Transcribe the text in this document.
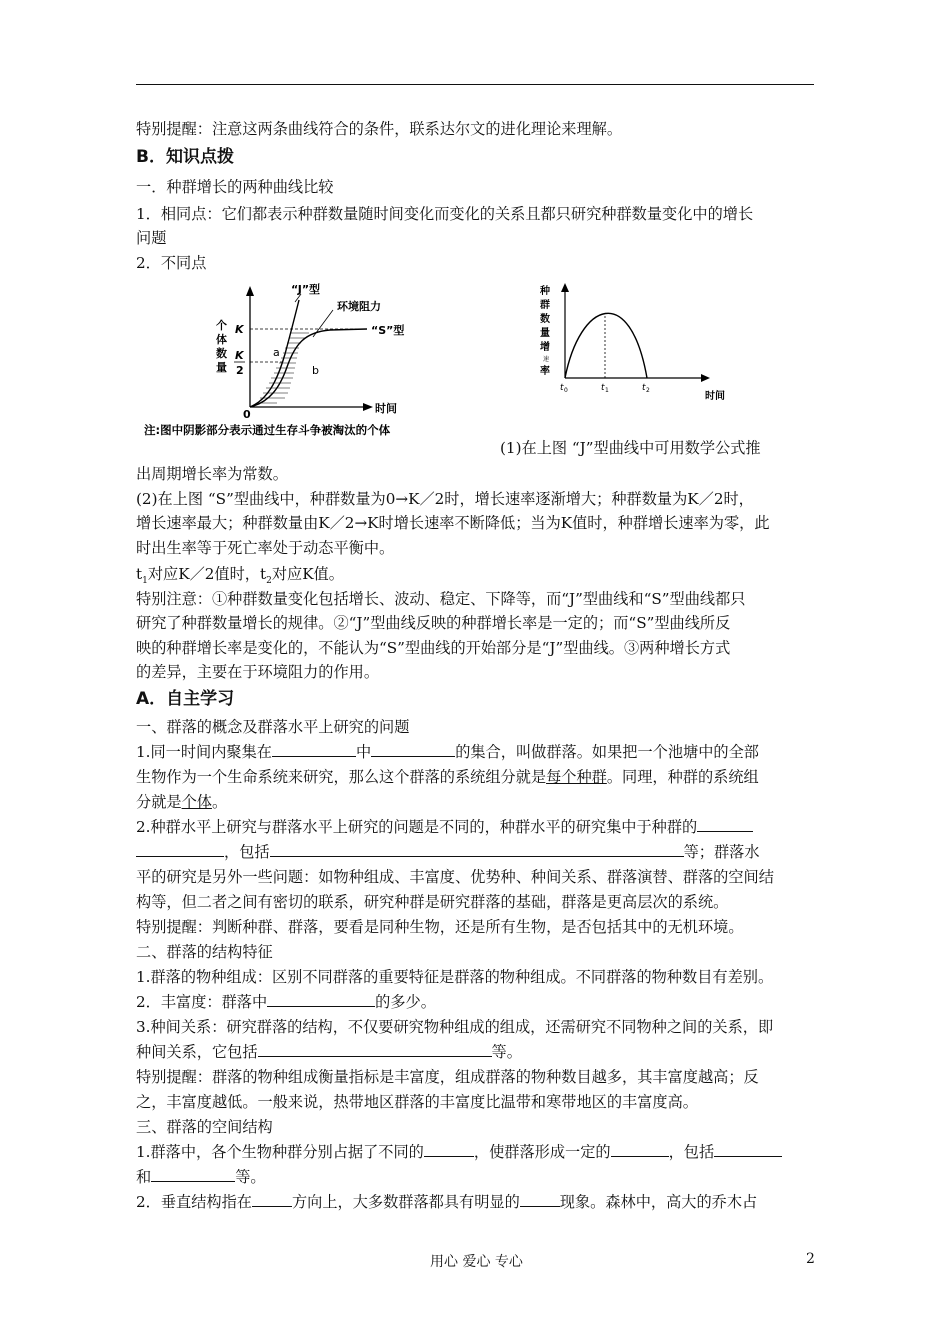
特别提醒：注意这两条曲线符合的条件，联系达尔文的进化理论来理解。
B．知识点拨
一．种群增长的两种曲线比较
1．相同点：它们都表示种群数量随时间变化而变化的关系且都只研究种群数量变化中的增长
问题
2．不同点
“J”型
环境阻力
“S”型
K
K
2
个
体
数
量
a
b
0	时间
注:图中阴影部分表示通过生存斗争被淘汰的个体
种
群
数
量
增
速
率
t 0	t 1	t 2
时间
(1)在上图 “J”型曲线中可用数学公式推
出周期增长率为常数。
(2)在上图 “S”型曲线中，种群数量为0→K／2时，增长速率逐渐增大；种群数量为K／2时，
增长速率最大；种群数量由K／2→K时增长速率不断降低；当为K值时，种群增长速率为零，此
时出生率等于死亡率处于动态平衡中。
$t_1$对应K／2值时，$t_2$对应K值。
特别注意：①种群数量变化包括增长、波动、稳定、下降等，而“J”型曲线和“S”型曲线都只
研究了种群数量增长的规律。②“J”型曲线反映的种群增长率是一定的；而“S”型曲线所反
映的种群增长率是变化的，不能认为“S”型曲线的开始部分是“J”型曲线。③两种增长方式
的差异，主要在于环境阻力的作用。
A．自主学习
一、群落的概念及群落水平上研究的问题
1.同一时间内聚集在	中	的集合，叫做群落。如果把一个池塘中的全部
生物作为一个生命系统来研究，那么这个群落的系统组分就是每个种群。同理，种群的系统组
分就是个体。
2.种群水平上研究与群落水平上研究的问题是不同的，种群水平的研究集中于种群的
，包括	等；群落水
平的研究是另外一些问题：如物种组成、丰富度、优势种、种间关系、群落演替、群落的空间结
构等，但二者之间有密切的联系，研究种群是研究群落的基础，群落是更高层次的系统。
特别提醒：判断种群、群落，要看是同种生物，还是所有生物，是否包括其中的无机环境。
二、群落的结构特征
1.群落的物种组成：区别不同群落的重要特征是群落的物种组成。不同群落的物种数目有差别。
2．丰富度：群落中	的多少。
3.种间关系：研究群落的结构，不仅要研究物种组成的组成，还需研究不同物种之间的关系，即
种间关系，它包括	等。
特别提醒：群落的物种组成衡量指标是丰富度，组成群落的物种数目越多，其丰富度越高；反
之，丰富度越低。一般来说，热带地区群落的丰富度比温带和寒带地区的丰富度高。
三、群落的空间结构
1.群落中，各个生物种群分别占据了不同的	，使群落形成一定的	，包括
和	等。
2．垂直结构指在	方向上，大多数群落都具有明显的	现象。森林中，高大的乔木占
用心 爱心 专心	2
